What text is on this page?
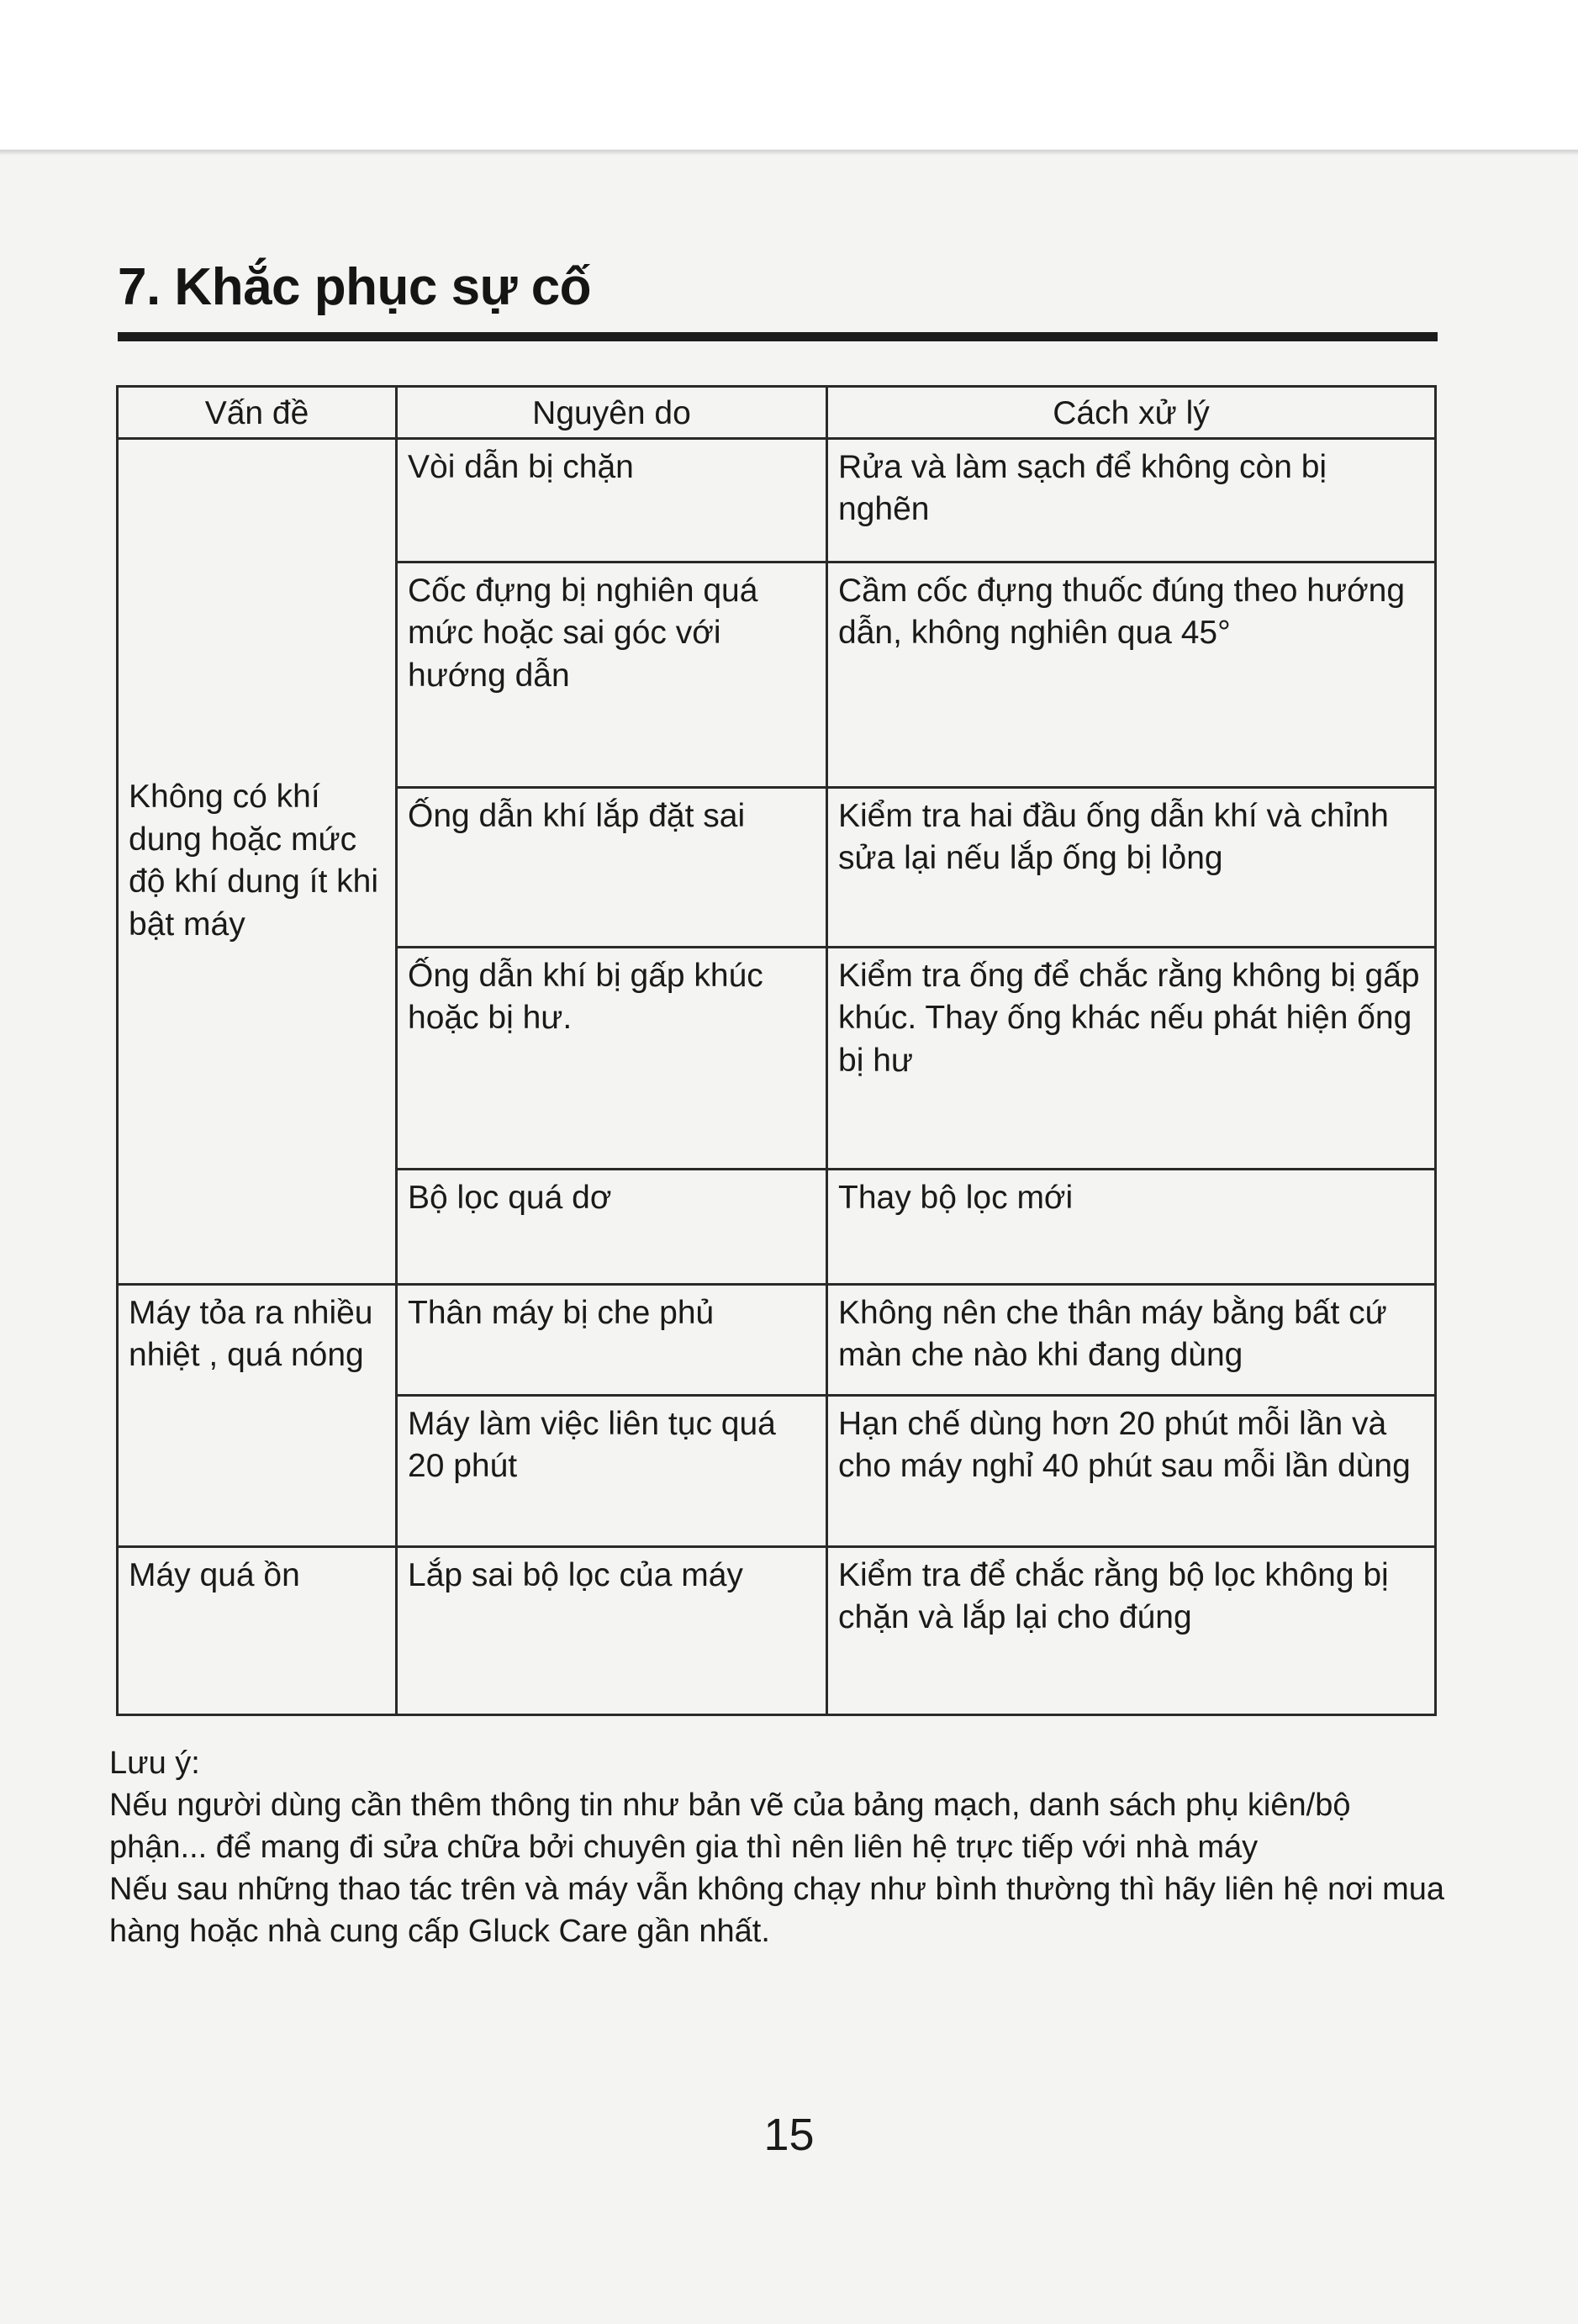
7. Khắc phục sự cố
Vấn đề	Nguyên do	Cách xử lý
Không có khí dung hoặc mức độ khí dung ít khi bật máy	Vòi dẫn bị chặn	Rửa và làm sạch để không còn bị nghẽn
	Cốc đựng bị nghiên quá mức hoặc sai góc với hướng dẫn	Cầm cốc đựng thuốc đúng theo hướng dẫn, không nghiên qua 45°
	Ống dẫn khí lắp đặt sai	Kiểm tra hai đầu ống dẫn khí và chỉnh sửa lại nếu lắp ống bị lỏng
	Ống dẫn khí bị gấp khúc hoặc bị hư.	Kiểm tra ống để chắc rằng không bị gấp khúc. Thay ống khác nếu phát hiện ống bị hư
	Bộ lọc quá dơ	Thay bộ lọc mới
Máy tỏa ra nhiều nhiệt , quá nóng	Thân máy bị che phủ	Không nên che thân máy bằng bất cứ màn che nào khi đang dùng
	Máy làm việc liên tục quá 20 phút	Hạn chế dùng hơn 20 phút mỗi lần và cho máy nghỉ 40 phút sau mỗi lần dùng
Máy quá ồn	Lắp sai bộ lọc của máy	Kiểm tra để chắc rằng bộ lọc không bị chặn và lắp lại cho đúng

Lưu ý:

Nếu người dùng cần thêm thông tin như bản vẽ của bảng mạch, danh sách phụ kiên/bộ phận... để mang đi sửa chữa bởi chuyên gia thì nên liên hệ trực tiếp với nhà máy

Nếu sau những thao tác trên và máy vẫn không chạy như bình thường thì hãy liên hệ nơi mua hàng hoặc nhà cung cấp Gluck Care gần nhất.

15
